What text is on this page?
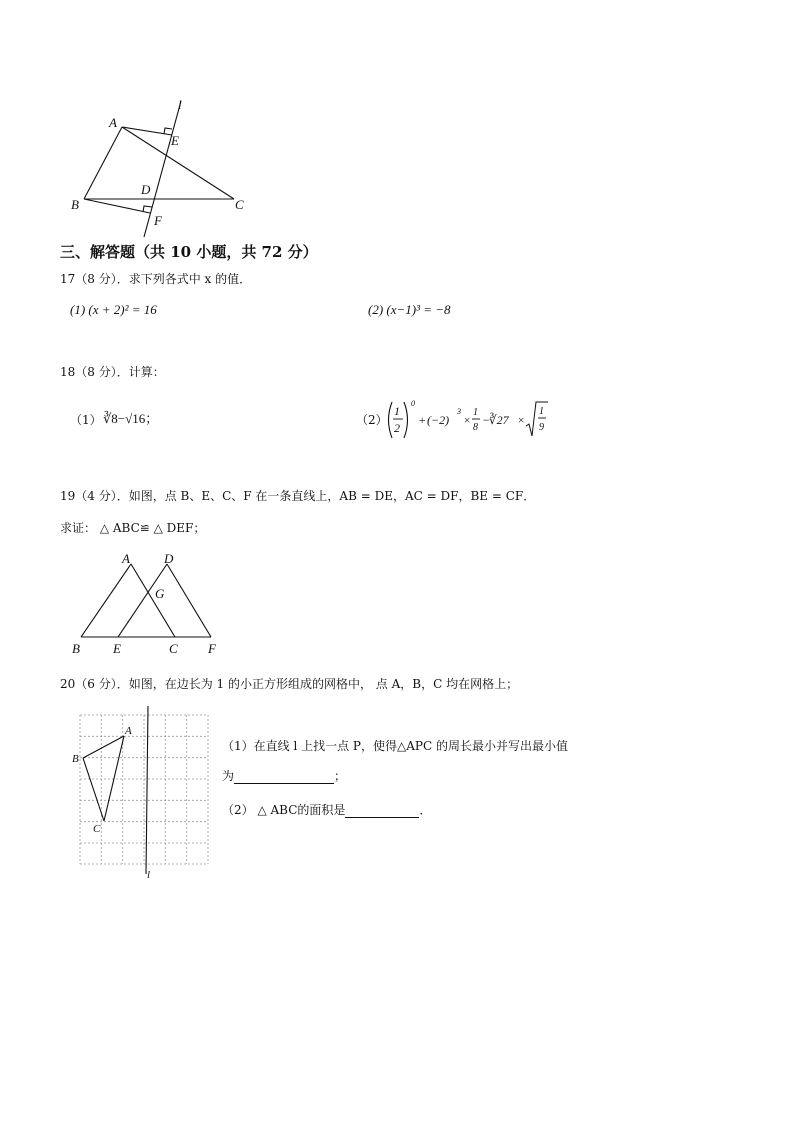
A
E
l
D
B	C
F
三、解答题（共 10 小题，共 72 分）
17（8 分）．求下列各式中 x 的值．
(1) (x + 2)² = 16	(2) (x−1)³ = −8
18（8 分）．计算：
（1） ∛8−√16；	（2）
1
2
0
+ (−2)
3
×
1
8
−
∛27 ×
1
9
19（4 分）．如图，点 B、E、C、F 在一条直线上，AB = DE，AC = DF，BE = CF．
求证： △ ABC≌ △ DEF；
A	D
G
B	E	C F
20（6 分）．如图，在边长为 1 的小正方形组成的网格中， 点 A，B，C 均在网格上；
A
B
C
l
（1）在直线 l 上找一点 P，使得△APC 的周长最小并写出最小值
为	；
（2） △ ABC的面积是	．
